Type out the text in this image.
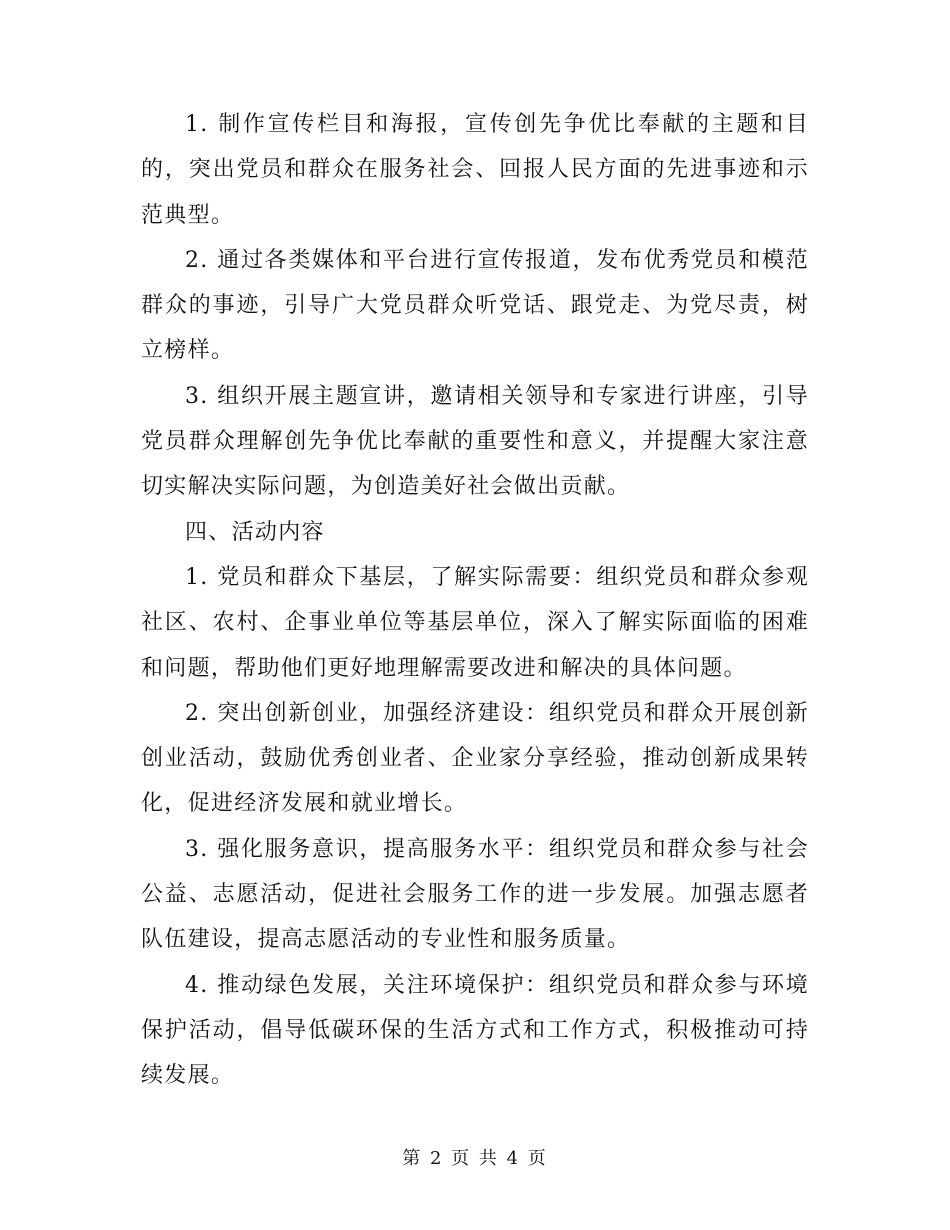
1. 制作宣传栏目和海报，宣传创先争优比奉献的主题和目的，突出党员和群众在服务社会、回报人民方面的先进事迹和示范典型。

2. 通过各类媒体和平台进行宣传报道，发布优秀党员和模范群众的事迹，引导广大党员群众听党话、跟党走、为党尽责，树立榜样。

3. 组织开展主题宣讲，邀请相关领导和专家进行讲座，引导党员群众理解创先争优比奉献的重要性和意义，并提醒大家注意切实解决实际问题，为创造美好社会做出贡献。

四、活动内容

1. 党员和群众下基层，了解实际需要：组织党员和群众参观社区、农村、企事业单位等基层单位，深入了解实际面临的困难和问题，帮助他们更好地理解需要改进和解决的具体问题。

2. 突出创新创业，加强经济建设：组织党员和群众开展创新创业活动，鼓励优秀创业者、企业家分享经验，推动创新成果转化，促进经济发展和就业增长。

3. 强化服务意识，提高服务水平：组织党员和群众参与社会公益、志愿活动，促进社会服务工作的进一步发展。加强志愿者队伍建设，提高志愿活动的专业性和服务质量。

4. 推动绿色发展，关注环境保护：组织党员和群众参与环境保护活动，倡导低碳环保的生活方式和工作方式，积极推动可持续发展。

第 2 页 共 4 页
